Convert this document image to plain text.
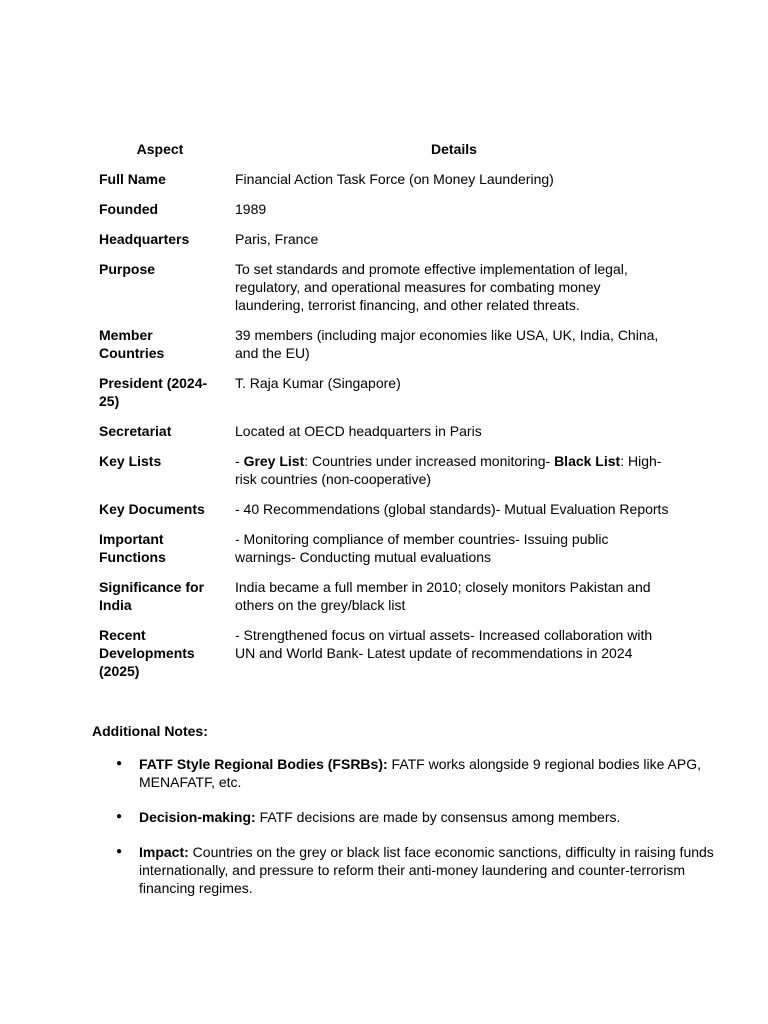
Aspect	Details
Full Name	Financial Action Task Force (on Money Laundering)
Founded	1989
Headquarters	Paris, France
Purpose	To set standards and promote effective implementation of legal, regulatory, and operational measures for combating money laundering, terrorist financing, and other related threats.
Member Countries	39 members (including major economies like USA, UK, India, China, and the EU)
President (2024-25)	T. Raja Kumar (Singapore)
Secretariat	Located at OECD headquarters in Paris
Key Lists	- Grey List: Countries under increased monitoring- Black List: High-risk countries (non-cooperative)
Key Documents	- 40 Recommendations (global standards)- Mutual Evaluation Reports
Important Functions	- Monitoring compliance of member countries- Issuing public warnings- Conducting mutual evaluations
Significance for India	India became a full member in 2010; closely monitors Pakistan and others on the grey/black list
Recent Developments (2025)	- Strengthened focus on virtual assets- Increased collaboration with UN and World Bank- Latest update of recommendations in 2024

Additional Notes:

● FATF Style Regional Bodies (FSRBs): FATF works alongside 9 regional bodies like APG, MENAFATF, etc.
● Decision-making: FATF decisions are made by consensus among members.
● Impact: Countries on the grey or black list face economic sanctions, difficulty in raising funds internationally, and pressure to reform their anti-money laundering and counter-terrorism financing regimes.
